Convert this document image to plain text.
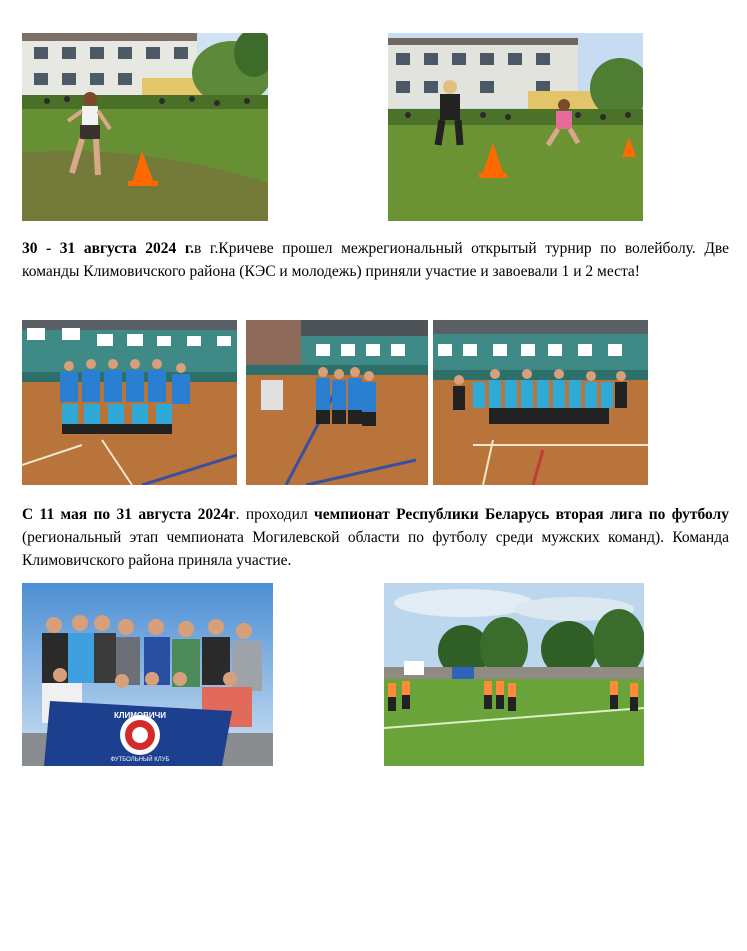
30 - 31 августа 2024 г.в г.Кричеве прошел межрегиональный открытый турнир по волейболу. Две команды Климовичского района (КЭС и молодежь) приняли участие и завоевали 1 и 2 места!
С 11 мая по 31 августа 2024г. проходил чемпионат Республики Беларусь вторая лига по футболу (региональный этап чемпионата Могилевской области по футболу среди мужских команд). Команда Климовичского района приняла участие.
КЛИМОВИЧИ
ФУТБОЛЬНЫЙ КЛУБ
